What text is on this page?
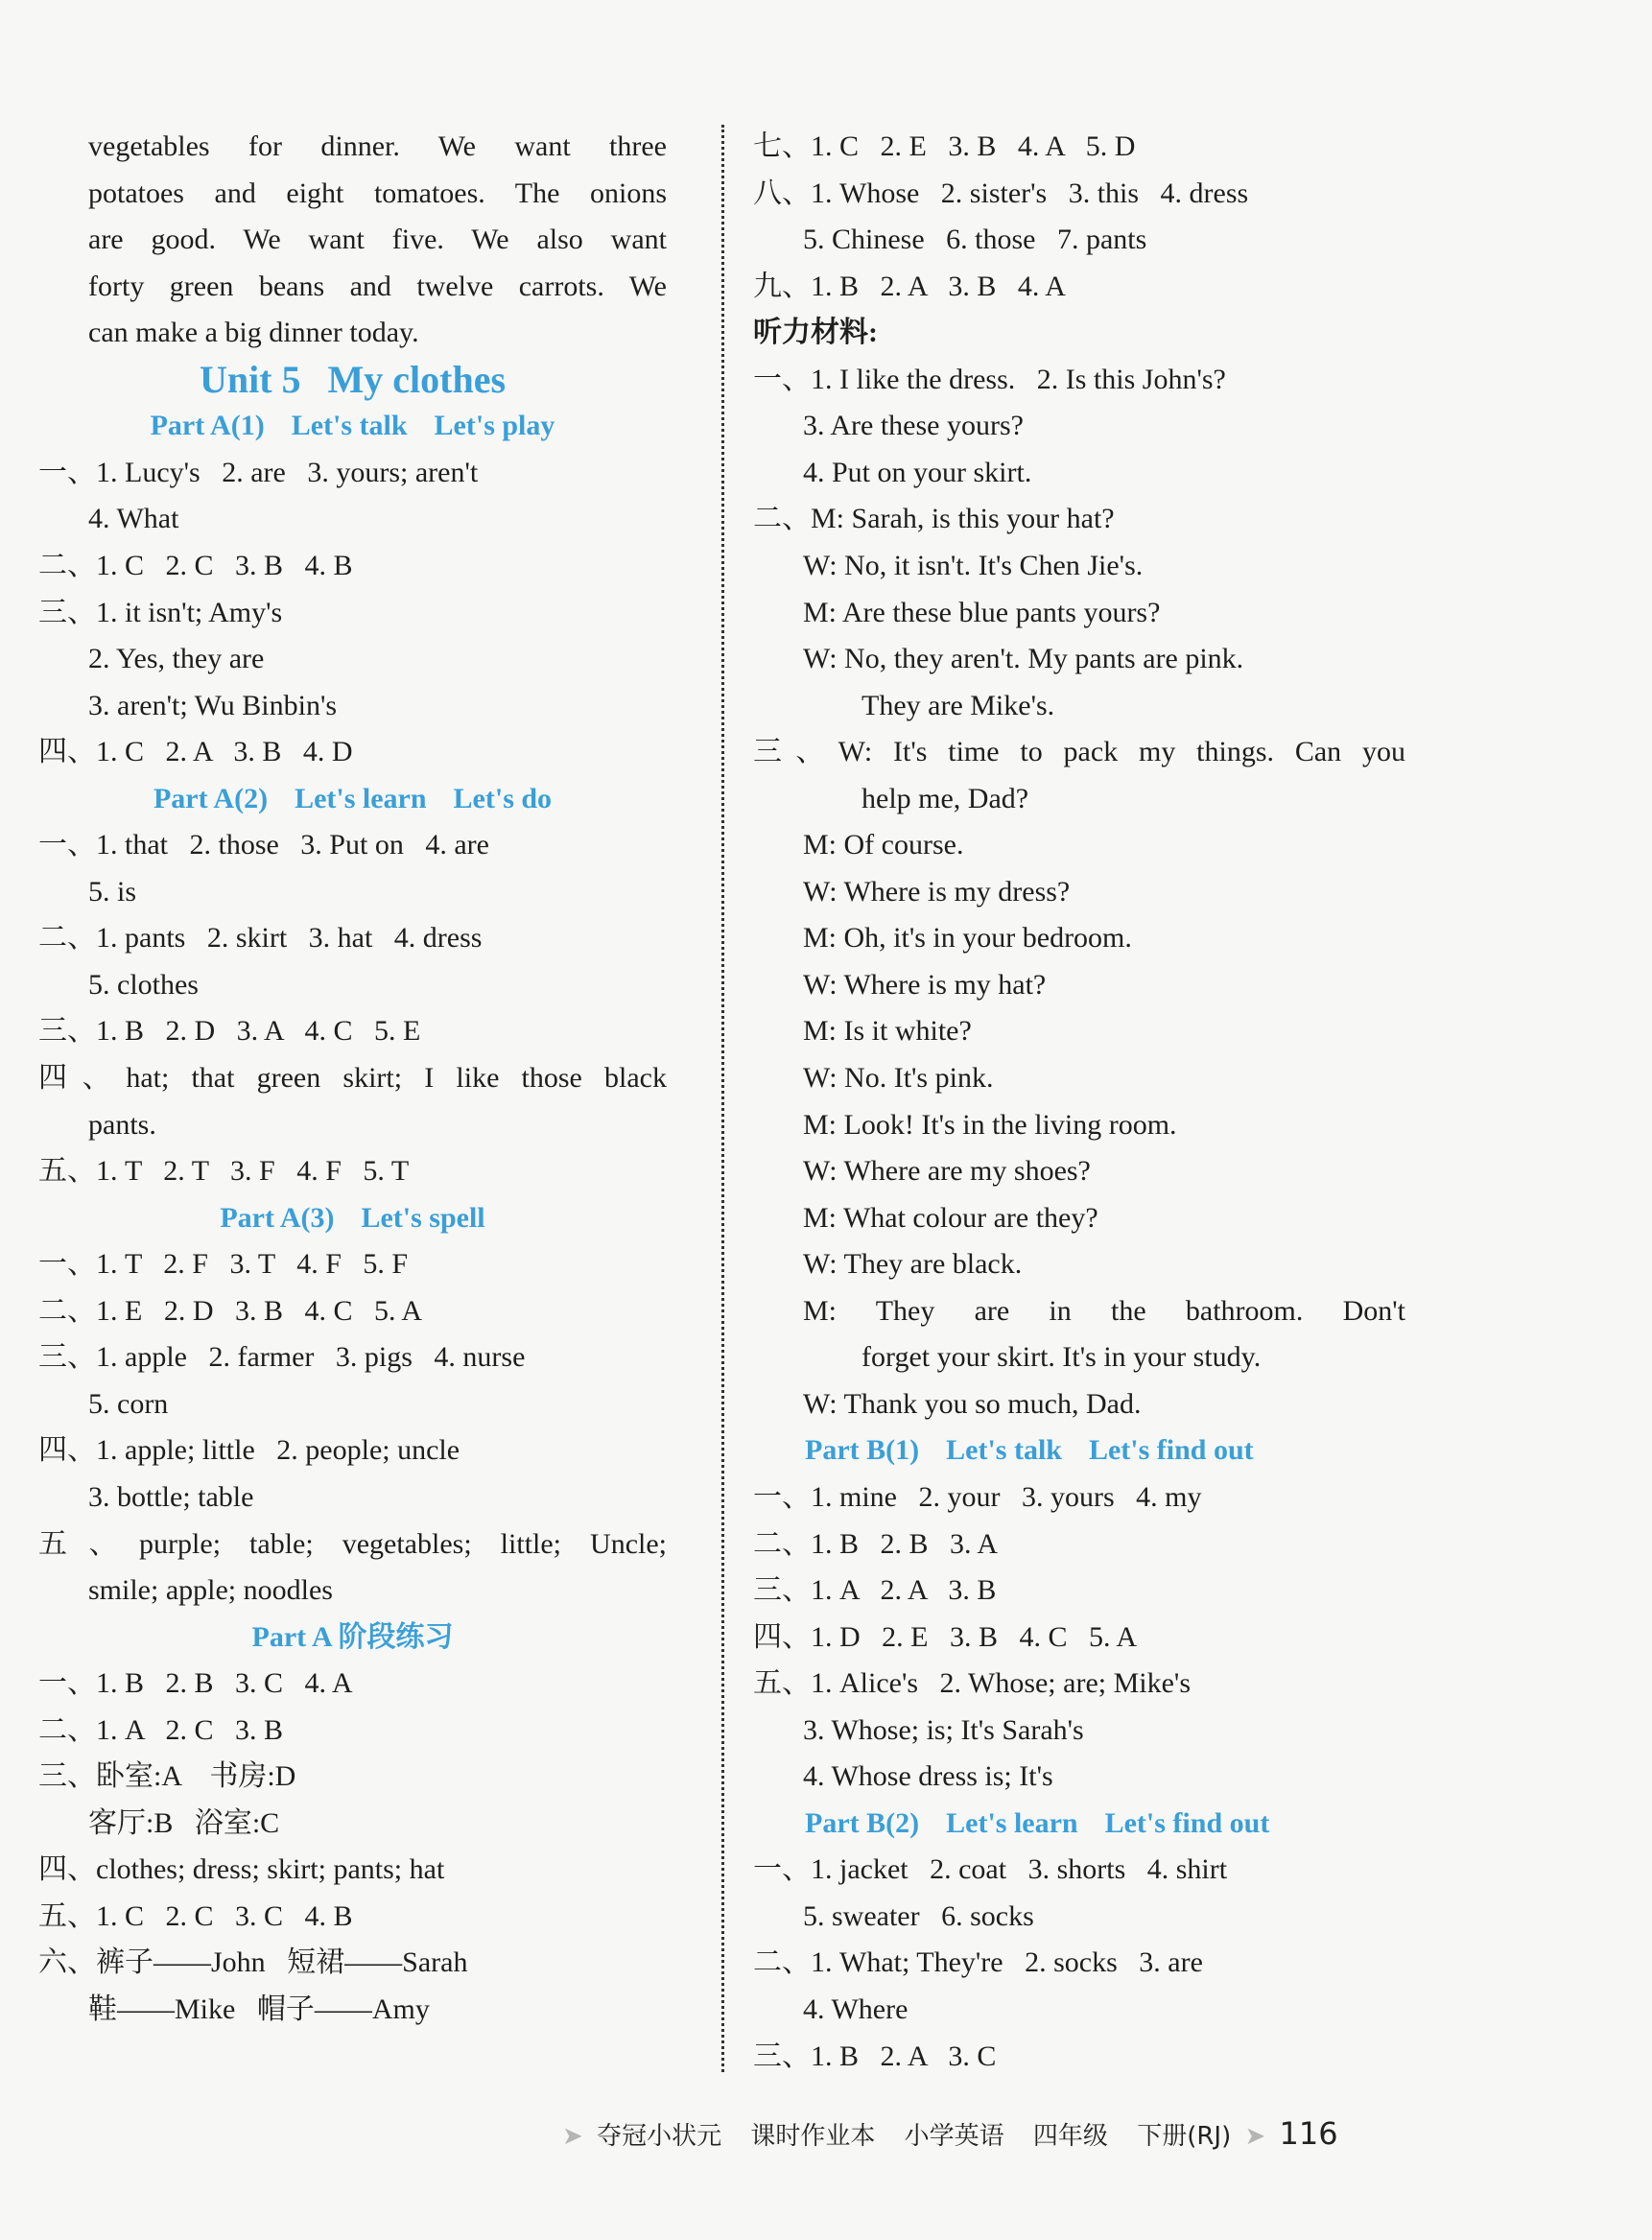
vegetables for dinner. We want three
potatoes and eight tomatoes. The onions
are good. We want five. We also want
forty green beans and twelve carrots. We
can make a big dinner today.
Unit 5 My clothes
Part A(1) Let's talk Let's play
一、1. Lucy's   2. are   3. yours; aren't
4. What
二、1. C   2. C   3. B   4. B
三、1. it isn't; Amy's
2. Yes, they are
3. aren't; Wu Binbin's
四、1. C   2. A   3. B   4. D
Part A(2) Let's learn Let's do
一、1. that   2. those   3. Put on   4. are
5. is
二、1. pants   2. skirt   3. hat   4. dress
5. clothes
三、1. B   2. D   3. A   4. C   5. E
四、hat; that green skirt; I like those black
pants.
五、1. T   2. T   3. F   4. F   5. T
Part A(3) Let's spell
一、1. T   2. F   3. T   4. F   5. F
二、1. E   2. D   3. B   4. C   5. A
三、1. apple   2. farmer   3. pigs   4. nurse
5. corn
四、1. apple; little   2. people; uncle
3. bottle; table
五、purple; table; vegetables; little; Uncle;
smile; apple; noodles
Part A 阶段练习
一、1. B   2. B   3. C   4. A
二、1. A   2. C   3. B
三、卧室:A    书房:D
客厅:B   浴室:C
四、clothes; dress; skirt; pants; hat
五、1. C   2. C   3. C   4. B
六、裤子——John   短裙——Sarah
鞋——Mike   帽子——Amy
七、1. C   2. E   3. B   4. A   5. D
八、1. Whose   2. sister's   3. this   4. dress
5. Chinese   6. those   7. pants
九、1. B   2. A   3. B   4. A
听力材料:
一、1. I like the dress.   2. Is this John's?
3. Are these yours?
4. Put on your skirt.
二、M: Sarah, is this your hat?
W: No, it isn't. It's Chen Jie's.
M: Are these blue pants yours?
W: No, they aren't. My pants are pink.
They are Mike's.
三、W: It's time to pack my things. Can you
help me, Dad?
M: Of course.
W: Where is my dress?
M: Oh, it's in your bedroom.
W: Where is my hat?
M: Is it white?
W: No. It's pink.
M: Look! It's in the living room.
W: Where are my shoes?
M: What colour are they?
W: They are black.
M: They are in the bathroom. Don't
forget your skirt. It's in your study.
W: Thank you so much, Dad.
Part B(1) Let's talk Let's find out
一、1. mine   2. your   3. yours   4. my
二、1. B   2. B   3. A
三、1. A   2. A   3. B
四、1. D   2. E   3. B   4. C   5. A
五、1. Alice's   2. Whose; are; Mike's
3. Whose; is; It's Sarah's
4. Whose dress is; It's
Part B(2) Let's learn Let's find out
一、1. jacket   2. coat   3. shorts   4. shirt
5. sweater   6. socks
二、1. What; They're   2. socks   3. are
4. Where
三、1. B   2. A   3. C
➤ 夺冠小状元 课时作业本 小学英语 四年级 下册(RJ) ➤ 116
